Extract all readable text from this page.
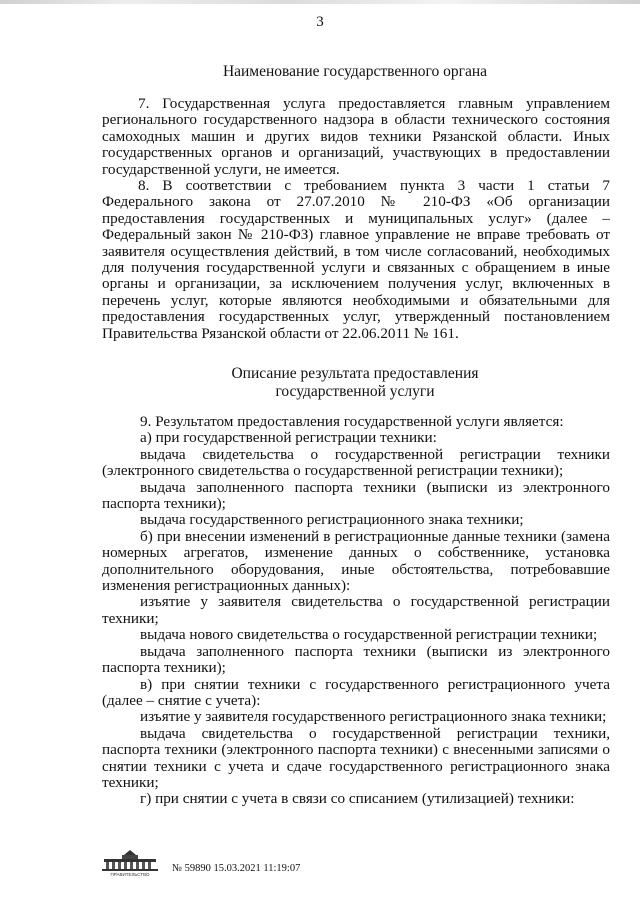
3
Наименование государственного органа

7. Государственная услуга предоставляется главным управлением регионального государственного надзора в области технического состояния самоходных машин и других видов техники Рязанской области. Иных государственных органов и организаций, участвующих в предоставлении государственной услуги, не имеется.

8. В соответствии с требованием пункта 3 части 1 статьи 7 Федерального закона от 27.07.2010 № 210-ФЗ «Об организации предоставления государственных и муниципальных услуг» (далее – Федеральный закон № 210-ФЗ) главное управление не вправе требовать от заявителя осуществления действий, в том числе согласований, необходимых для получения государственной услуги и связанных с обращением в иные органы и организации, за исключением получения услуг, включенных в перечень услуг, которые являются необходимыми и обязательными для предоставления государственных услуг, утвержденный постановлением Правительства Рязанской области от 22.06.2011 № 161.

Описание результата предоставления
государственной услуги

9. Результатом предоставления государственной услуги является:

а) при государственной регистрации техники:

выдача свидетельства о государственной регистрации техники (электронного свидетельства о государственной регистрации техники);

выдача заполненного паспорта техники (выписки из электронного паспорта техники);

выдача государственного регистрационного знака техники;

б) при внесении изменений в регистрационные данные техники (замена номерных агрегатов, изменение данных о собственнике, установка дополнительного оборудования, иные обстоятельства, потребовавшие изменения регистрационных данных):

изъятие у заявителя свидетельства о государственной регистрации техники;

выдача нового свидетельства о государственной регистрации техники;

выдача заполненного паспорта техники (выписки из электронного паспорта техники);

в) при снятии техники с государственного регистрационного учета (далее – снятие с учета):

изъятие у заявителя государственного регистрационного знака техники;

выдача свидетельства о государственной регистрации техники, паспорта техники (электронного паспорта техники) с внесенными записями о снятии техники с учета и сдаче государственного регистрационного знака техники;

г) при снятии с учета в связи со списанием (утилизацией) техники:

ПРАВИТЕЛЬСТВО
№ 59890 15.03.2021 11:19:07
